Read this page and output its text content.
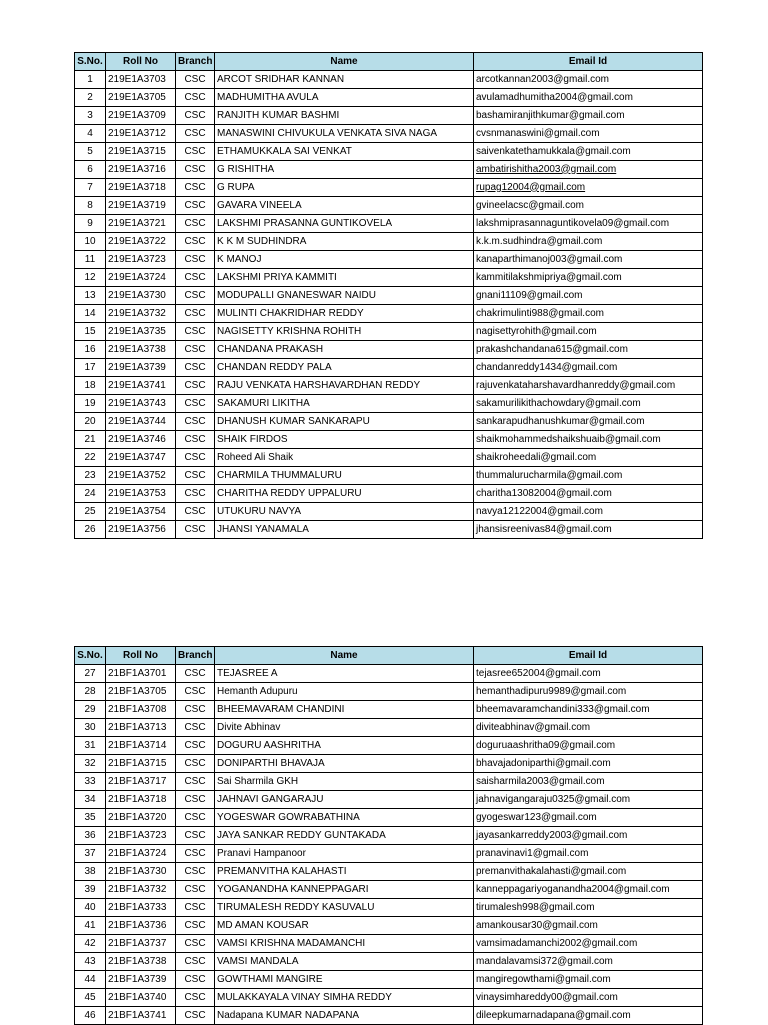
S.No.	Roll No	Branch	Name	Email Id
1	219E1A3703	CSC	ARCOT SRIDHAR KANNAN	arcotkannan2003@gmail.com
2	219E1A3705	CSC	MADHUMITHA AVULA	avulamadhumitha2004@gmail.com
3	219E1A3709	CSC	RANJITH KUMAR BASHMI	bashamiranjithkumar@gmail.com
4	219E1A3712	CSC	MANASWINI CHIVUKULA VENKATA SIVA NAGA	cvsnmanaswini@gmail.com
5	219E1A3715	CSC	ETHAMUKKALA SAI VENKAT	saivenkatethamukkala@gmail.com
6	219E1A3716	CSC	G RISHITHA	ambatirishitha2003@gmail.com
7	219E1A3718	CSC	G RUPA	rupag12004@gmail.com
8	219E1A3719	CSC	GAVARA VINEELA	gvineelacsc@gmail.com
9	219E1A3721	CSC	LAKSHMI PRASANNA GUNTIKOVELA	lakshmiprasannaguntikovela09@gmail.com
10	219E1A3722	CSC	K K M SUDHINDRA	k.k.m.sudhindra@gmail.com
11	219E1A3723	CSC	K MANOJ	kanaparthimanoj003@gmail.com
12	219E1A3724	CSC	LAKSHMI PRIYA KAMMITI	kammitilakshmipriya@gmail.com
13	219E1A3730	CSC	MODUPALLI GNANESWAR NAIDU	gnani11109@gmail.com
14	219E1A3732	CSC	MULINTI CHAKRIDHAR REDDY	chakrimulinti988@gmail.com
15	219E1A3735	CSC	NAGISETTY KRISHNA ROHITH	nagisettyrohith@gmail.com
16	219E1A3738	CSC	CHANDANA PRAKASH	prakashchandana615@gmail.com
17	219E1A3739	CSC	CHANDAN REDDY PALA	chandanreddy1434@gmail.com
18	219E1A3741	CSC	RAJU VENKATA HARSHAVARDHAN REDDY	rajuvenkataharshavardhanreddy@gmail.com
19	219E1A3743	CSC	SAKAMURI LIKITHA	sakamurilikithachowdary@gmail.com
20	219E1A3744	CSC	DHANUSH KUMAR SANKARAPU	sankarapudhanushkumar@gmail.com
21	219E1A3746	CSC	SHAIK FIRDOS	shaikmohammedshaikshuaib@gmail.com
22	219E1A3747	CSC	Roheed Ali Shaik	shaikroheedali@gmail.com
23	219E1A3752	CSC	CHARMILA THUMMALURU	thummalurucharmila@gmail.com
24	219E1A3753	CSC	CHARITHA REDDY UPPALURU	charitha13082004@gmail.com
25	219E1A3754	CSC	UTUKURU NAVYA	navya12122004@gmail.com
26	219E1A3756	CSC	JHANSI YANAMALA	jhansisreenivas84@gmail.com
S.No.	Roll No	Branch	Name	Email Id
27	21BF1A3701	CSC	TEJASREE A	tejasree652004@gmail.com
28	21BF1A3705	CSC	Hemanth Adupuru	hemanthadipuru9989@gmail.com
29	21BF1A3708	CSC	BHEEMAVARAM CHANDINI	bheemavaramchandini333@gmail.com
30	21BF1A3713	CSC	Divite Abhinav	diviteabhinav@gmail.com
31	21BF1A3714	CSC	DOGURU AASHRITHA	doguruaashritha09@gmail.com
32	21BF1A3715	CSC	DONIPARTHI BHAVAJA	bhavajadoniparthi@gmail.com
33	21BF1A3717	CSC	Sai Sharmila GKH	saisharmila2003@gmail.com
34	21BF1A3718	CSC	JAHNAVI GANGARAJU	jahnavigangaraju0325@gmail.com
35	21BF1A3720	CSC	YOGESWAR GOWRABATHINA	gyogeswar123@gmail.com
36	21BF1A3723	CSC	JAYA SANKAR REDDY GUNTAKADA	jayasankarreddy2003@gmail.com
37	21BF1A3724	CSC	Pranavi Hampanoor	pranavinavi1@gmail.com
38	21BF1A3730	CSC	PREMANVITHA KALAHASTI	premanvithakalahasti@gmail.com
39	21BF1A3732	CSC	YOGANANDHA KANNEPPAGARI	kanneppagariyoganandha2004@gmail.com
40	21BF1A3733	CSC	TIRUMALESH REDDY KASUVALU	tirumalesh998@gmail.com
41	21BF1A3736	CSC	MD AMAN KOUSAR	amankousar30@gmail.com
42	21BF1A3737	CSC	VAMSI KRISHNA MADAMANCHI	vamsimadamanchi2002@gmail.com
43	21BF1A3738	CSC	VAMSI MANDALA	mandalavamsi372@gmail.com
44	21BF1A3739	CSC	GOWTHAMI MANGIRE	mangiregowthami@gmail.com
45	21BF1A3740	CSC	MULAKKAYALA VINAY SIMHA REDDY	vinaysimhareddy00@gmail.com
46	21BF1A3741	CSC	Nadapana KUMAR NADAPANA	dileepkumarnadapana@gmail.com
